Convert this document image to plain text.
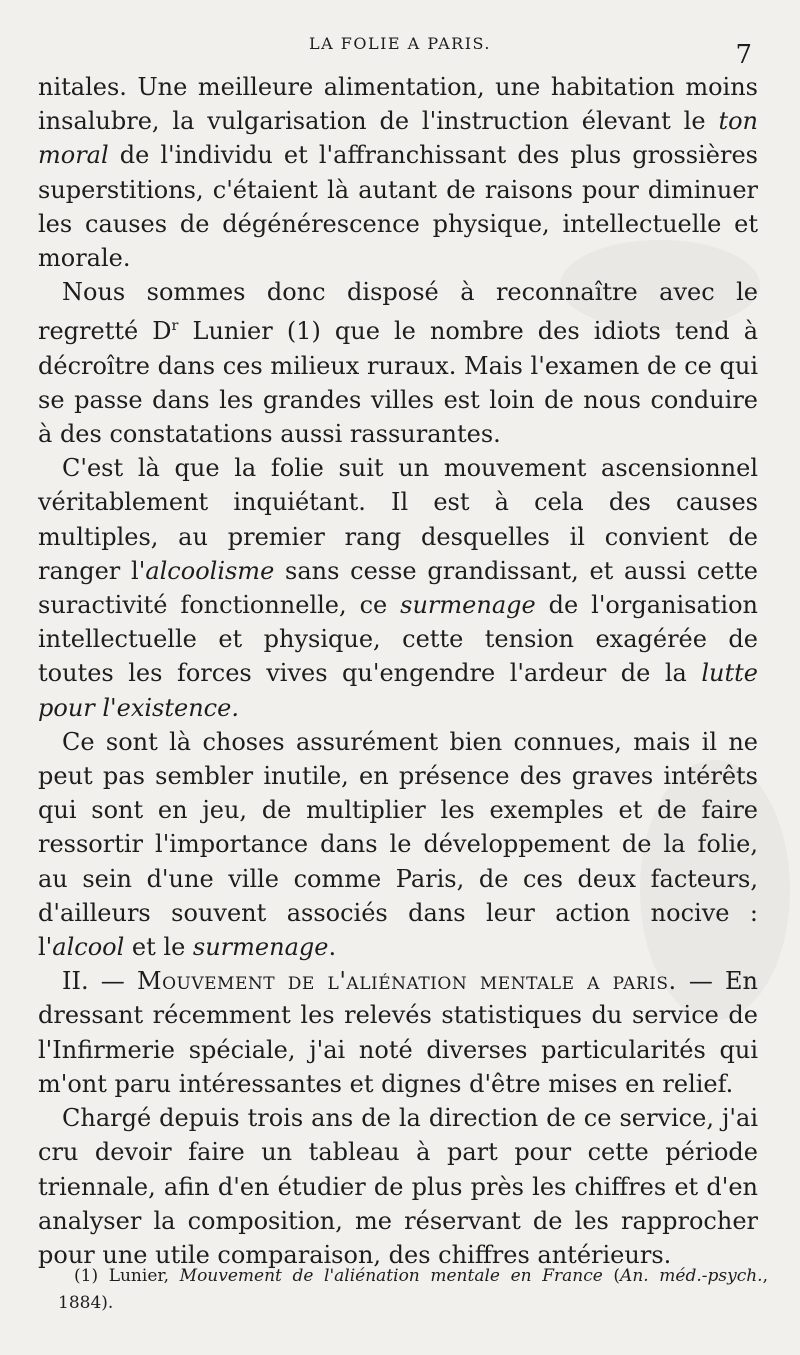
LA FOLIE A PARIS.	7

nitales. Une meilleure alimentation, une habitation moins insalubre, la vulgarisation de l'instruction élevant le ton moral de l'individu et l'affranchissant des plus grossières superstitions, c'étaient là autant de raisons pour diminuer les causes de dégénérescence physique, intellectuelle et morale.

Nous sommes donc disposé à reconnaître avec le regretté $D^r$ Lunier (1) que le nombre des idiots tend à décroître dans ces milieux ruraux. Mais l'examen de ce qui se passe dans les grandes villes est loin de nous conduire à des constatations aussi rassurantes.

C'est là que la folie suit un mouvement ascensionnel véritablement inquiétant. Il est à cela des causes multiples, au premier rang desquelles il convient de ranger l'alcoolisme sans cesse grandissant, et aussi cette suractivité fonctionnelle, ce surmenage de l'organisation intellectuelle et physique, cette tension exagérée de toutes les forces vives qu'engendre l'ardeur de la lutte pour l'existence.

Ce sont là choses assurément bien connues, mais il ne peut pas sembler inutile, en présence des graves intérêts qui sont en jeu, de multiplier les exemples et de faire ressortir l'importance dans le développement de la folie, au sein d'une ville comme Paris, de ces deux facteurs, d'ailleurs souvent associés dans leur action nocive : l'alcool et le surmenage.

II. — Mouvement de l'aliénation mentale a paris. — En dressant récemment les relevés statistiques du service de l'Infirmerie spéciale, j'ai noté diverses particularités qui m'ont paru intéressantes et dignes d'être mises en relief.

Chargé depuis trois ans de la direction de ce service, j'ai cru devoir faire un tableau à part pour cette période triennale, afin d'en étudier de plus près les chiffres et d'en analyser la composition, me réservant de les rapprocher pour une utile comparaison, des chiffres antérieurs.

(1) Lunier, Mouvement de l'aliénation mentale en France (An. méd.-psych., 1884).
